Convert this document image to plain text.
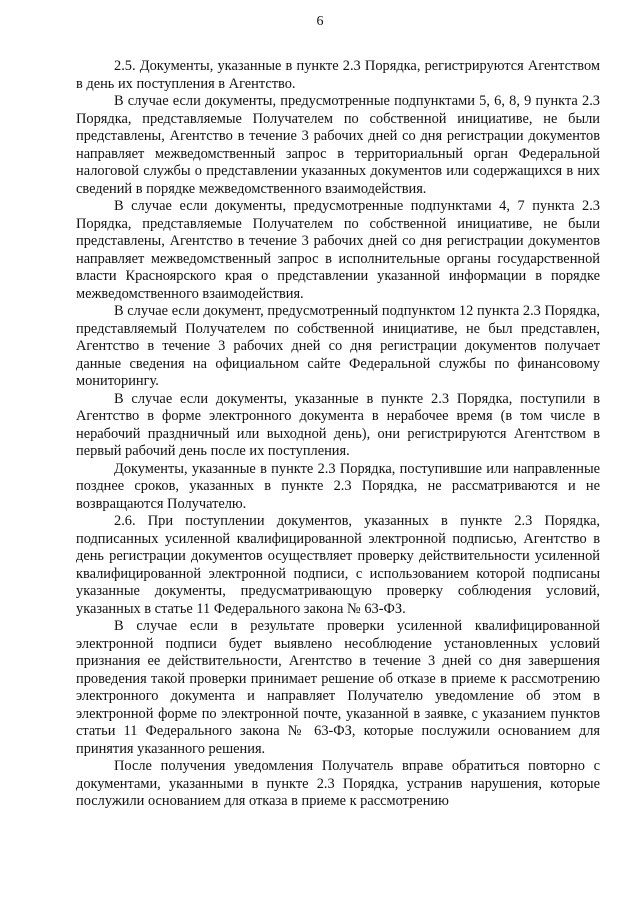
6

2.5. Документы, указанные в пункте 2.3 Порядка, регистрируются Агентством в день их поступления в Агентство.

В случае если документы, предусмотренные подпунктами 5, 6, 8, 9 пункта 2.3 Порядка, представляемые Получателем по собственной инициативе, не были представлены, Агентство в течение 3 рабочих дней со дня регистрации документов направляет межведомственный запрос в территориальный орган Федеральной налоговой службы о представлении указанных документов или содержащихся в них сведений в порядке межведомственного взаимодействия.

В случае если документы, предусмотренные подпунктами 4, 7 пункта 2.3 Порядка, представляемые Получателем по собственной инициативе, не были представлены, Агентство в течение 3 рабочих дней со дня регистрации документов направляет межведомственный запрос в исполнительные органы государственной власти Красноярского края о представлении указанной информации в порядке межведомственного взаимодействия.

В случае если документ, предусмотренный подпунктом 12 пункта 2.3 Порядка, представляемый Получателем по собственной инициативе, не был представлен, Агентство в течение 3 рабочих дней со дня регистрации документов получает данные сведения на официальном сайте Федеральной службы по финансовому мониторингу.

В случае если документы, указанные в пункте 2.3 Порядка, поступили в Агентство в форме электронного документа в нерабочее время (в том числе в нерабочий праздничный или выходной день), они регистрируются Агентством в первый рабочий день после их поступления.

Документы, указанные в пункте 2.3 Порядка, поступившие или направленные позднее сроков, указанных в пункте 2.3 Порядка, не рассматриваются и не возвращаются Получателю.

2.6. При поступлении документов, указанных в пункте 2.3 Порядка, подписанных усиленной квалифицированной электронной подписью, Агентство в день регистрации документов осуществляет проверку действительности усиленной квалифицированной электронной подписи, с использованием которой подписаны указанные документы, предусматривающую проверку соблюдения условий, указанных в статье 11 Федерального закона № 63-ФЗ.

В случае если в результате проверки усиленной квалифицированной электронной подписи будет выявлено несоблюдение установленных условий признания ее действительности, Агентство в течение 3 дней со дня завершения проведения такой проверки принимает решение об отказе в приеме к рассмотрению электронного документа и направляет Получателю уведомление об этом в электронной форме по электронной почте, указанной в заявке, с указанием пунктов статьи 11 Федерального закона № 63-ФЗ, которые послужили основанием для принятия указанного решения.

После получения уведомления Получатель вправе обратиться повторно с документами, указанными в пункте 2.3 Порядка, устранив нарушения, которые послужили основанием для отказа в приеме к рассмотрению
